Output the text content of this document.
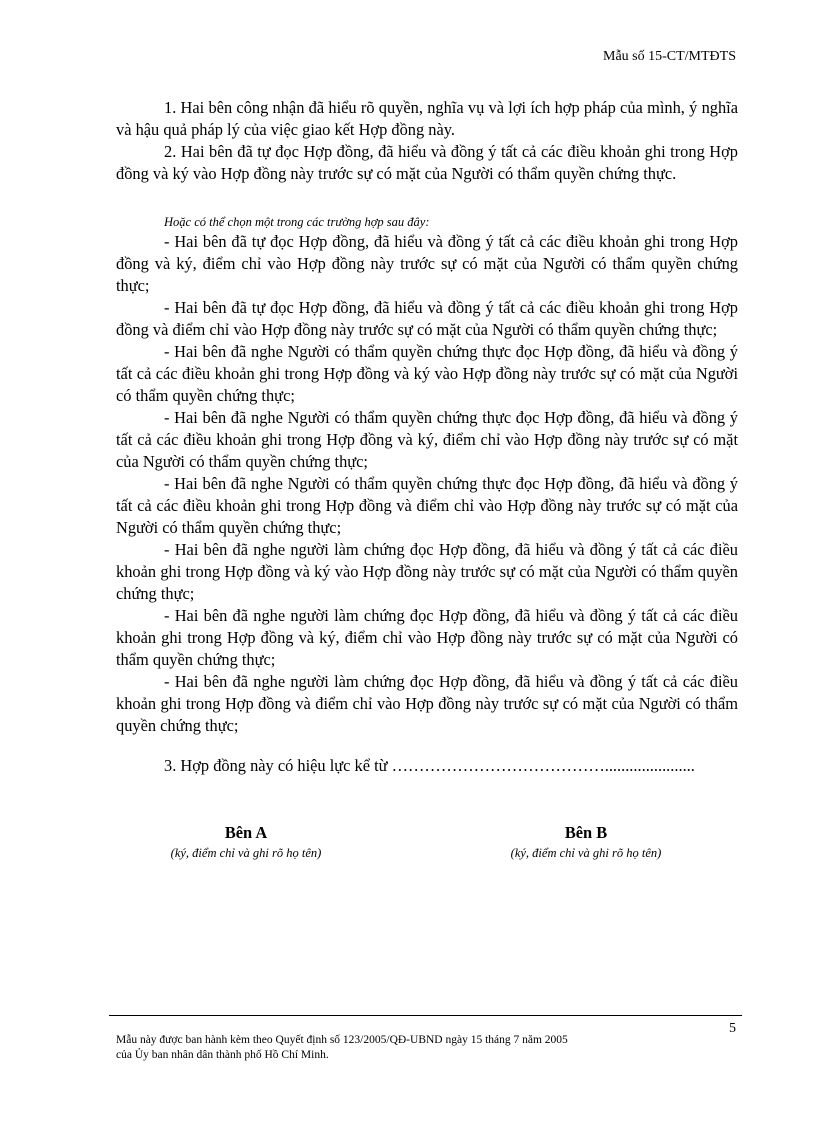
Mẫu số 15-CT/MTĐTS

1. Hai bên công nhận đã hiểu rõ quyền, nghĩa vụ và lợi ích hợp pháp của mình, ý nghĩa và hậu quả pháp lý của việc giao kết Hợp đồng này.

2. Hai bên đã tự đọc Hợp đồng, đã hiểu và đồng ý tất cả các điều khoản ghi trong Hợp đồng và ký vào Hợp đồng này trước sự có mặt của Người có thẩm quyền chứng thực.

Hoặc có thể chọn một trong các trường hợp sau đây:

- Hai bên đã tự đọc Hợp đồng, đã hiểu và đồng ý tất cả các điều khoản ghi trong Hợp đồng và ký, điểm chỉ vào Hợp đồng này trước sự có mặt của Người có thẩm quyền chứng thực;

- Hai bên đã tự đọc Hợp đồng, đã hiểu và đồng ý tất cả các điều khoản ghi trong Hợp đồng và điểm chỉ vào Hợp đồng này trước sự có mặt của Người có thẩm quyền chứng thực;

- Hai bên đã nghe Người có thẩm quyền chứng thực đọc Hợp đồng, đã hiểu và đồng ý tất cả các điều khoản ghi trong Hợp đồng và ký vào Hợp đồng này trước sự có mặt của Người có thẩm quyền chứng thực;

- Hai bên đã nghe Người có thẩm quyền chứng thực đọc Hợp đồng, đã hiểu và đồng ý tất cả các điều khoản ghi trong Hợp đồng và ký, điểm chỉ vào Hợp đồng này trước sự có mặt của Người có thẩm quyền chứng thực;

- Hai bên đã nghe Người có thẩm quyền chứng thực đọc Hợp đồng, đã hiểu và đồng ý tất cả các điều khoản ghi trong Hợp đồng và điểm chỉ vào Hợp đồng này trước sự có mặt của Người có thẩm quyền chứng thực;

- Hai bên đã nghe người làm chứng đọc Hợp đồng, đã hiểu và đồng ý tất cả các điều khoản ghi trong Hợp đồng và ký vào Hợp đồng này trước sự có mặt của Người có thẩm quyền chứng thực;

- Hai bên đã nghe người làm chứng đọc Hợp đồng, đã hiểu và đồng ý tất cả các điều khoản ghi trong Hợp đồng và ký, điểm chỉ vào Hợp đồng này trước sự có mặt của Người có thẩm quyền chứng thực;

- Hai bên đã nghe người làm chứng đọc Hợp đồng, đã hiểu và đồng ý tất cả các điều khoản ghi trong Hợp đồng và điểm chỉ vào Hợp đồng này trước sự có mặt của Người có thẩm quyền chứng thực;

3. Hợp đồng này có hiệu lực kể từ …………………………………......................

Bên A
(ký, điểm chỉ và ghi rõ họ tên)
Bên B
(ký, điểm chỉ và ghi rõ họ tên)
5

Mẫu này được ban hành kèm theo Quyết định số 123/2005/QĐ-UBND ngày 15 tháng 7 năm 2005

của Ủy ban nhân dân thành phố Hồ Chí Minh.
